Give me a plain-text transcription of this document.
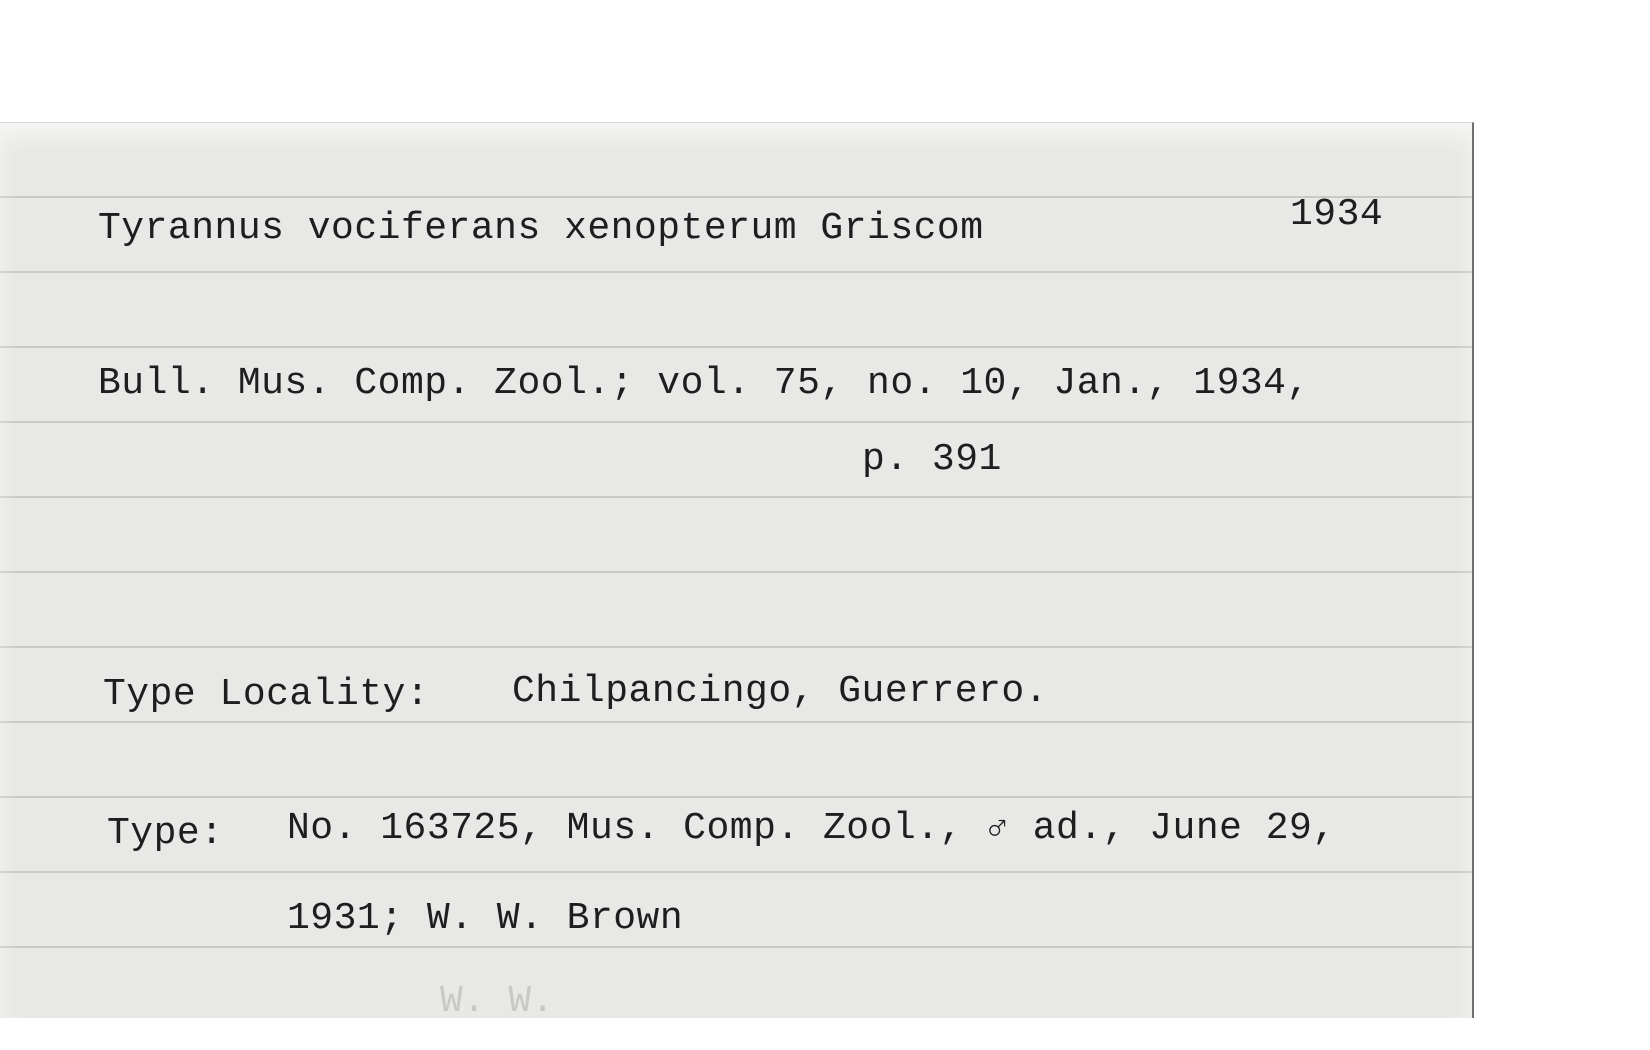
Tyrannus vociferans xenopterum Griscom	1934
Bull. Mus. Comp. Zool.; vol. 75, no. 10, Jan., 1934,
p. 391
Type Locality: Chilpancingo, Guerrero.
Type: No. 163725, Mus. Comp. Zool., ♂ ad., June 29,
1931; W. W. Brown
W. W.
